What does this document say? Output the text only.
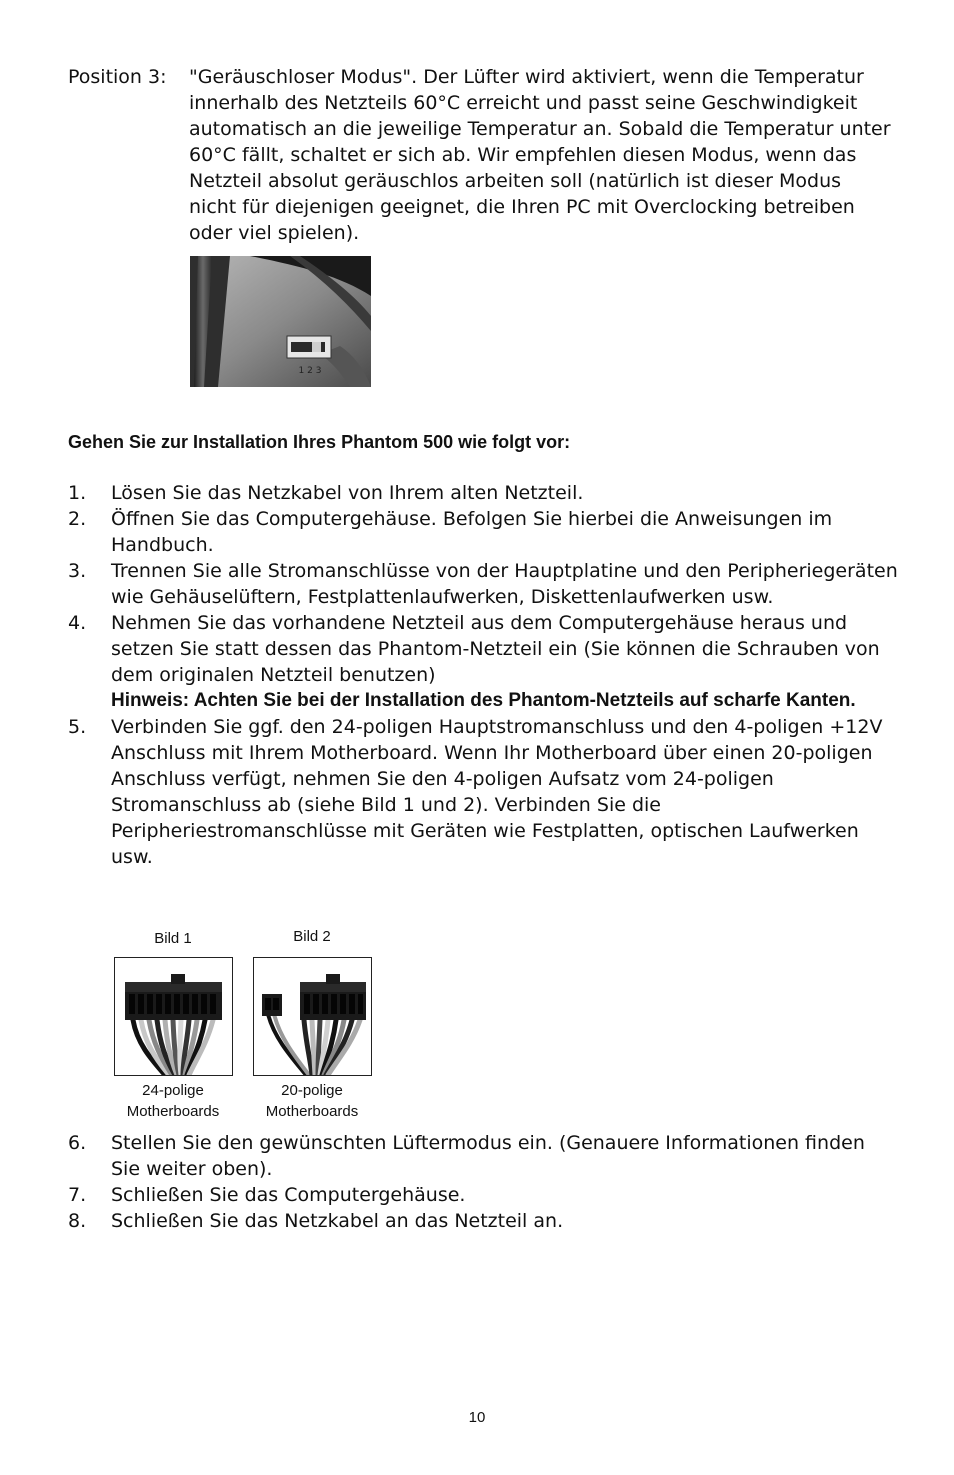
Position 3: "Geräuschloser Modus". Der Lüfter wird aktiviert, wenn die Temperatur innerhalb des Netzteils 60°C erreicht und passt seine Geschwindigkeit automatisch an die jeweilige Temperatur an. Sobald die Temperatur unter 60°C fällt, schaltet er sich ab. Wir empfehlen diesen Modus, wenn das Netzteil absolut geräuschlos arbeiten soll (natürlich ist dieser Modus nicht für diejenigen geeignet, die Ihren PC mit Overclocking betreiben oder viel spielen).
1 2 3
Gehen Sie zur Installation Ihres Phantom 500 wie folgt vor:
1. Lösen Sie das Netzkabel von Ihrem alten Netzteil.
2. Öffnen Sie das Computergehäuse. Befolgen Sie hierbei die Anweisungen im Handbuch.
3. Trennen Sie alle Stromanschlüsse von der Hauptplatine und den Peripheriegeräten wie Gehäuselüftern, Festplattenlaufwerken, Diskettenlaufwerken usw.
4. Nehmen Sie das vorhandene Netzteil aus dem Computergehäuse heraus und setzen Sie statt dessen das Phantom-Netzteil ein (Sie können die Schrauben von dem originalen Netzteil benutzen)
Hinweis: Achten Sie bei der Installation des Phantom-Netzteils auf scharfe Kanten.
5. Verbinden Sie ggf. den 24-poligen Hauptstromanschluss und den 4-poligen +12V Anschluss mit Ihrem Motherboard. Wenn Ihr Motherboard über einen 20-poligen Anschluss verfügt, nehmen Sie den 4-poligen Aufsatz vom 24-poligen Stromanschluss ab (siehe Bild 1 und 2). Verbinden Sie die Peripheriestromanschlüsse mit Geräten wie Festplatten, optischen Laufwerken usw.
Bild 1
24-polige
Motherboards
Bild 2
20-polige
Motherboards
6. Stellen Sie den gewünschten Lüftermodus ein. (Genauere Informationen finden Sie weiter oben).
7. Schließen Sie das Computergehäuse.
8. Schließen Sie das Netzkabel an das Netzteil an.
10
